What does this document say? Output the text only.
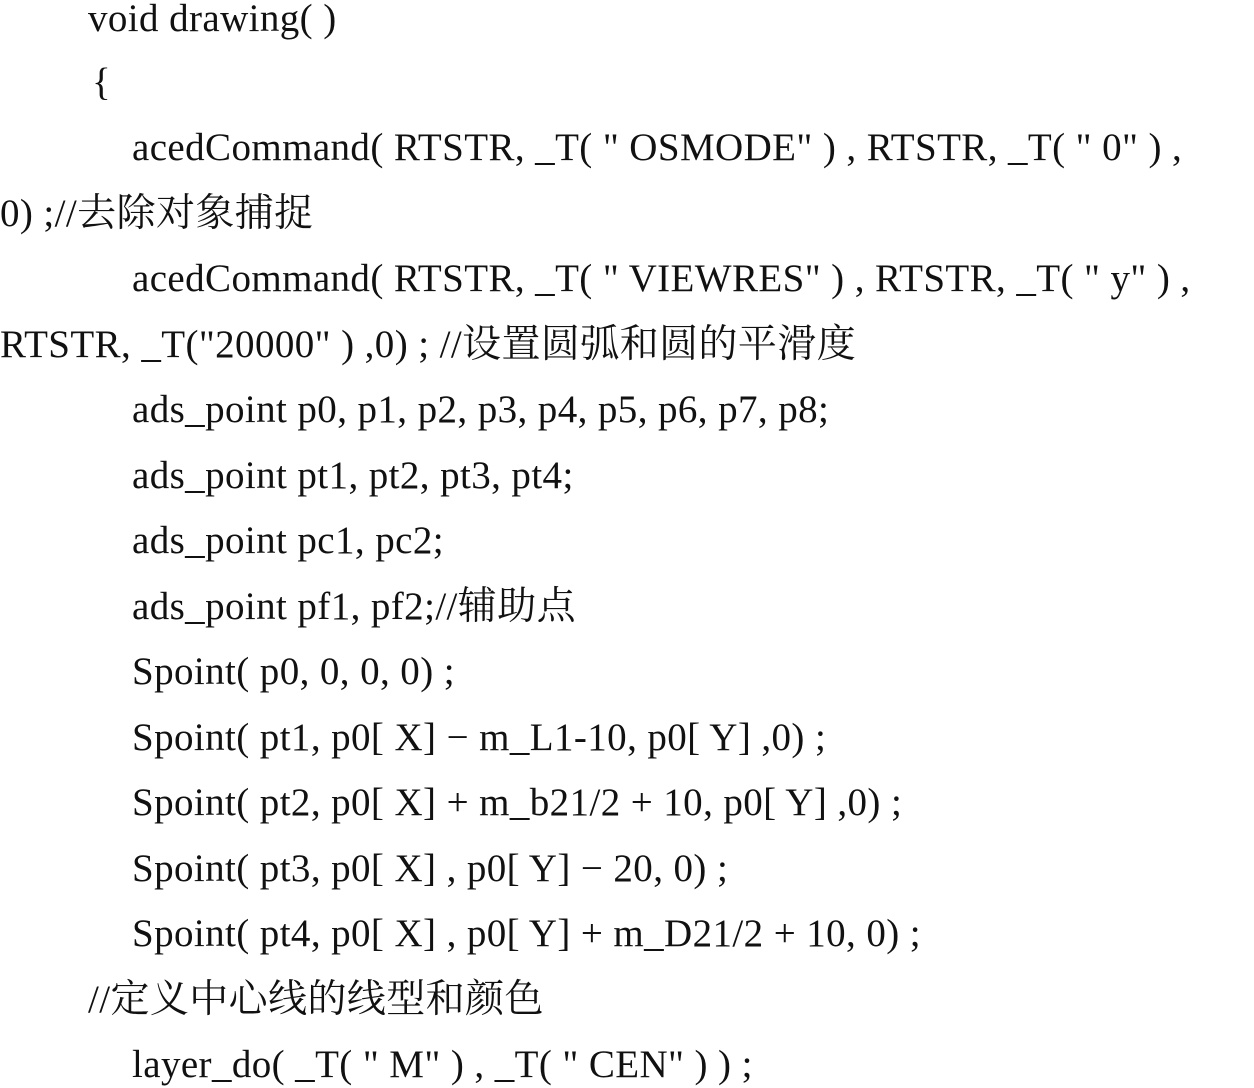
void drawing( )
{
acedCommand( RTSTR, _T( " OSMODE" ) , RTSTR, _T( " 0" ) ,
0) ;//去除对象捕捉
acedCommand( RTSTR, _T( " VIEWRES" ) , RTSTR, _T( " y" ) ,
RTSTR, _T("20000" ) ,0) ; //设置圆弧和圆的平滑度
ads_point p0, p1, p2, p3, p4, p5, p6, p7, p8;
ads_point pt1, pt2, pt3, pt4;
ads_point pc1, pc2;
ads_point pf1, pf2;//辅助点
Spoint( p0, 0, 0, 0) ;
Spoint( pt1, p0[ X] − m_L1-10, p0[ Y] ,0) ;
Spoint( pt2, p0[ X] + m_b21/2 + 10, p0[ Y] ,0) ;
Spoint( pt3, p0[ X] , p0[ Y] − 20, 0) ;
Spoint( pt4, p0[ X] , p0[ Y] + m_D21/2 + 10, 0) ;
//定义中心线的线型和颜色
layer_do( _T( " M" ) , _T( " CEN" ) ) ;
